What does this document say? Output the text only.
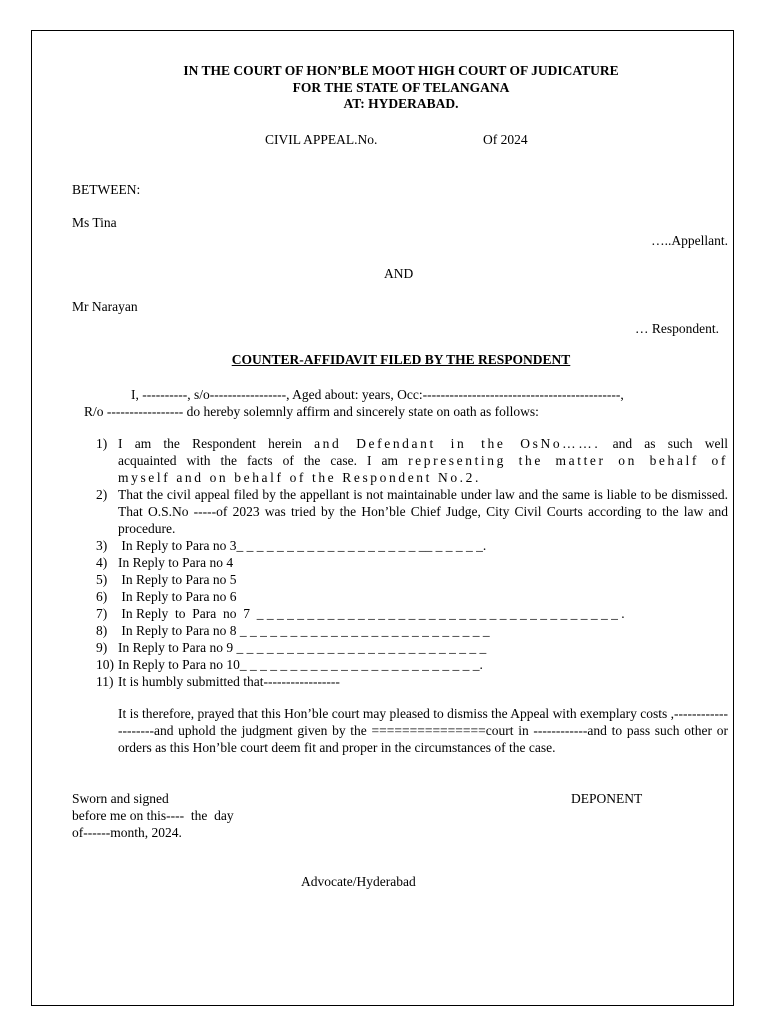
IN THE COURT OF HON’BLE MOOT HIGH COURT OF JUDICATURE
FOR THE STATE OF TELANGANA
AT: HYDERABAD.
CIVIL APPEAL.No.	Of 2024
BETWEEN:
Ms Tina
…..Appellant.
AND
Mr Narayan
… Respondent.
COUNTER-AFFIDAVIT FILED BY THE RESPONDENT
I, ----------, s/o-----------------, Aged about: years, Occ:--------------------------------------------,
R/o ----------------- do hereby solemnly affirm and sincerely state on oath as follows:
1) I am the Respondent herein and Defendant in the OsNo……. and as such well
acquainted with the facts of the case. I am representing the matter on behalf of
myself and on behalf of the Respondent No.2.
2) That the civil appeal filed by the appellant is not maintainable under law and the same is liable to be dismissed. That O.S.No -----of 2023 was tried by the Hon’ble Chief Judge, City Civil Courts according to the law and procedure.
3) In Reply to Para no 3_ _ _ _ _ _ _ _ _ _ _ _ _ _ _ _ _ _ __ _ _ _ _ _.
4) In Reply to Para no 4
5) In Reply to Para no 5
6) In Reply to Para no 6
7) In Reply  to  Para  no  7  _ _ _ _ _ _ _ _ _ _ _ _ _ _ _ _ _ _ _ _ _ _ _ _ _ _ _ _ _ _ _ _ _ _ _ _ .
8) In Reply to Para no 8 _ _ _ _ _ _ _ _ _ _ _ _ _ _ _ _ _ _ _ _ _ _ _ _ _
9) In Reply to Para no 9 _ _ _ _ _ _ _ _ _ _ _ _ _ _ _ _ _ _ _ _ _ _ _ _ _
10) In Reply to Para no 10_ _ _ _ _ _ _ _ _ _ _ _ _ _ _ _ _ _ _ _ _ _ _ _.
11) It is humbly submitted that-----------------
It is therefore, prayed that this Hon’ble court may pleased to dismiss the Appeal with exemplary costs ,--------------------and uphold the judgment given by the ===============court in ------------and to pass such other or orders as this Hon’ble court deem fit and proper in the circumstances of the case.
Sworn and signed
before me on this----  the  day
of------month, 2024.
DEPONENT
Advocate/Hyderabad
